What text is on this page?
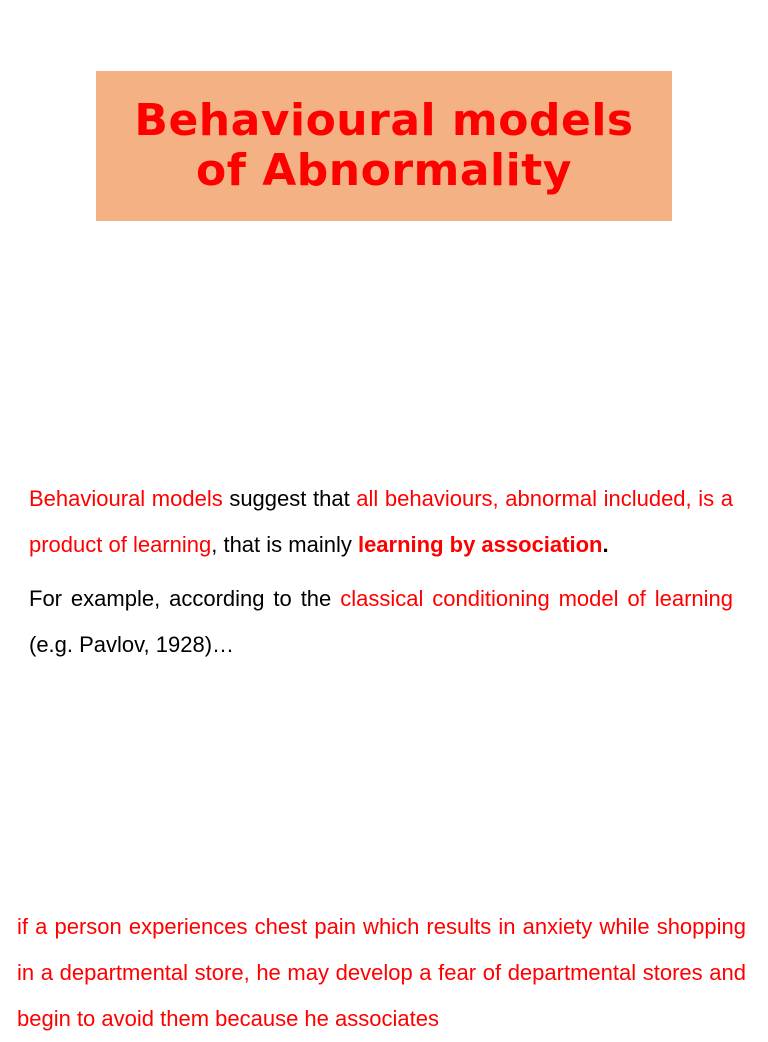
Behavioural models
of Abnormality

Behavioural models suggest that all behaviours, abnormal included, is a product of learning, that is mainly learning by association.

For example, according to the classical conditioning model of learning (e.g. Pavlov, 1928)…

if a person experiences chest pain which results in anxiety while shopping in a departmental store, he may develop a fear of departmental stores and begin to avoid them because he associates
